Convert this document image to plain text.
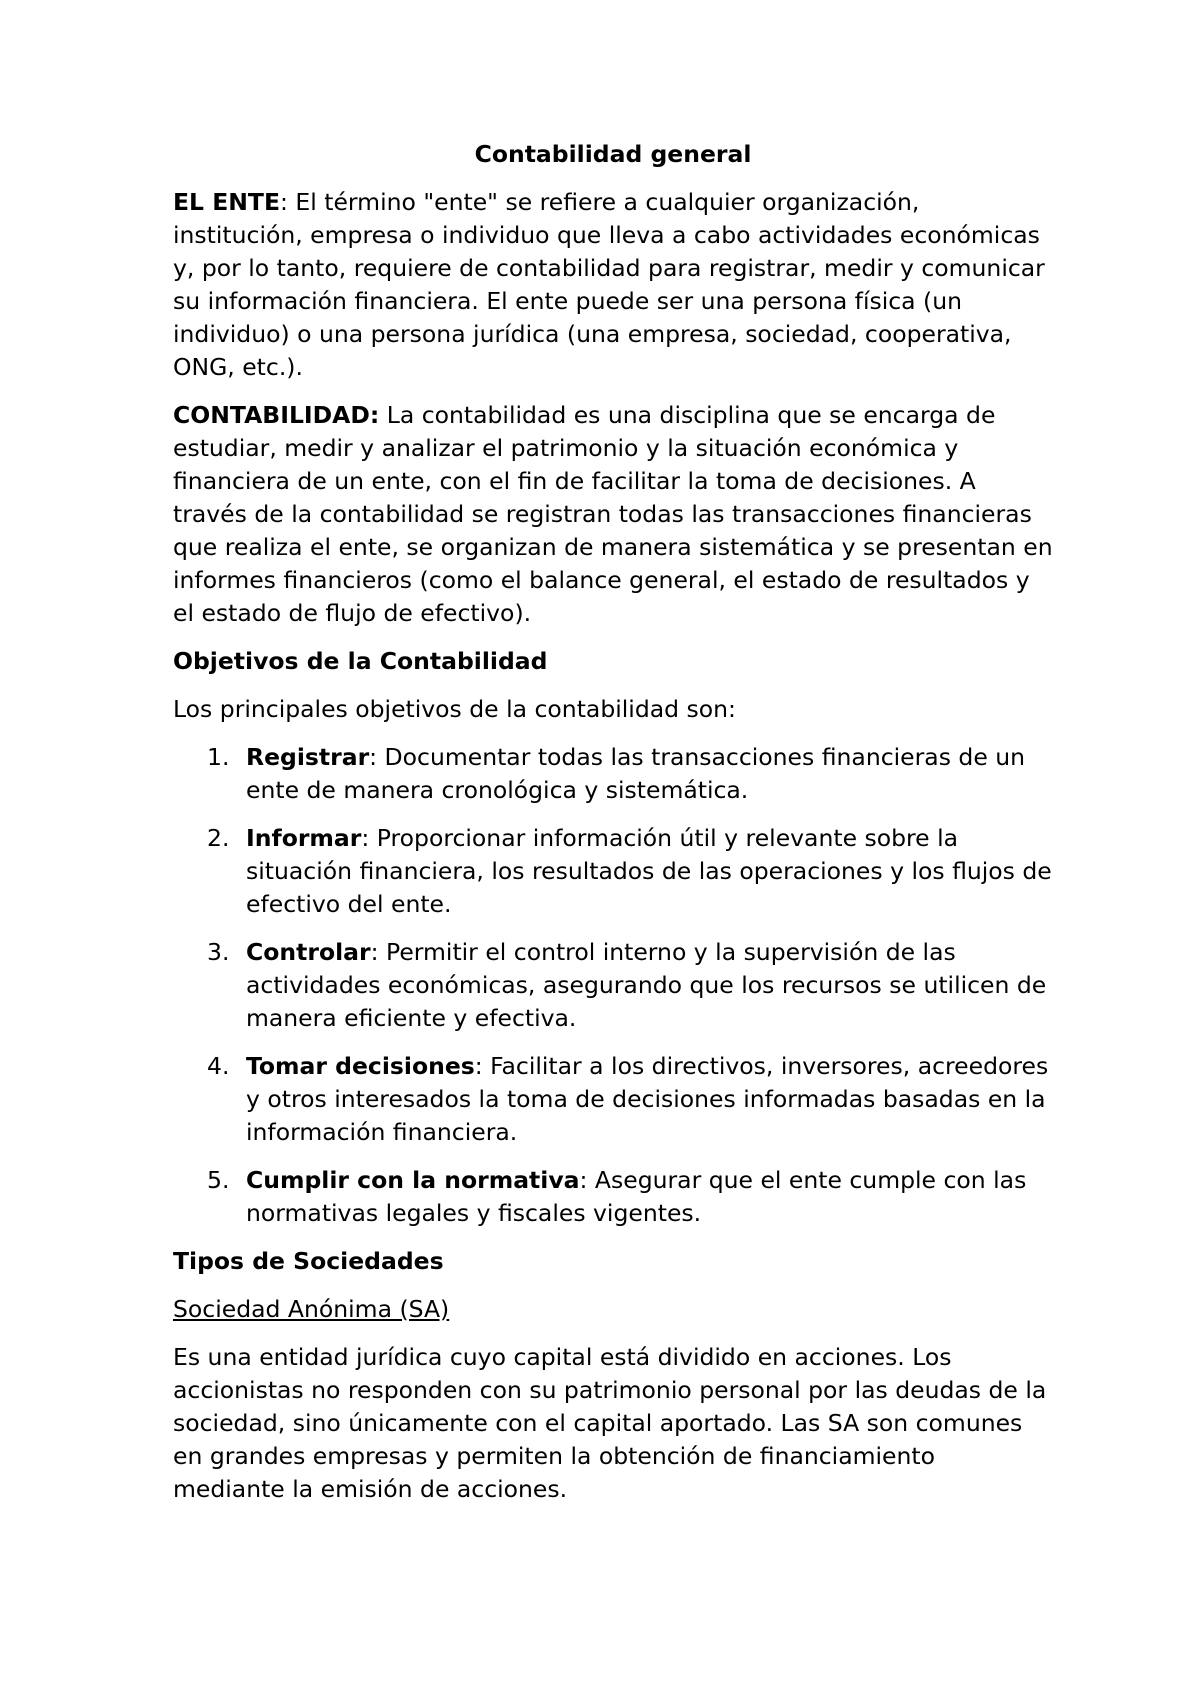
Contabilidad general

EL ENTE: El término "ente" se refiere a cualquier organización, institución, empresa o individuo que lleva a cabo actividades económicas y, por lo tanto, requiere de contabilidad para registrar, medir y comunicar su información financiera. El ente puede ser una persona física (un individuo) o una persona jurídica (una empresa, sociedad, cooperativa, ONG, etc.).

CONTABILIDAD: La contabilidad es una disciplina que se encarga de estudiar, medir y analizar el patrimonio y la situación económica y financiera de un ente, con el fin de facilitar la toma de decisiones. A través de la contabilidad se registran todas las transacciones financieras que realiza el ente, se organizan de manera sistemática y se presentan en informes financieros (como el balance general, el estado de resultados y el estado de flujo de efectivo).

Objetivos de la Contabilidad

Los principales objetivos de la contabilidad son:

1. Registrar: Documentar todas las transacciones financieras de un ente de manera cronológica y sistemática.
2. Informar: Proporcionar información útil y relevante sobre la situación financiera, los resultados de las operaciones y los flujos de efectivo del ente.
3. Controlar: Permitir el control interno y la supervisión de las actividades económicas, asegurando que los recursos se utilicen de manera eficiente y efectiva.
4. Tomar decisiones: Facilitar a los directivos, inversores, acreedores y otros interesados la toma de decisiones informadas basadas en la información financiera.
5. Cumplir con la normativa: Asegurar que el ente cumple con las normativas legales y fiscales vigentes.
Tipos de Sociedades
Sociedad Anónima (SA)

Es una entidad jurídica cuyo capital está dividido en acciones. Los accionistas no responden con su patrimonio personal por las deudas de la sociedad, sino únicamente con el capital aportado. Las SA son comunes en grandes empresas y permiten la obtención de financiamiento mediante la emisión de acciones.
